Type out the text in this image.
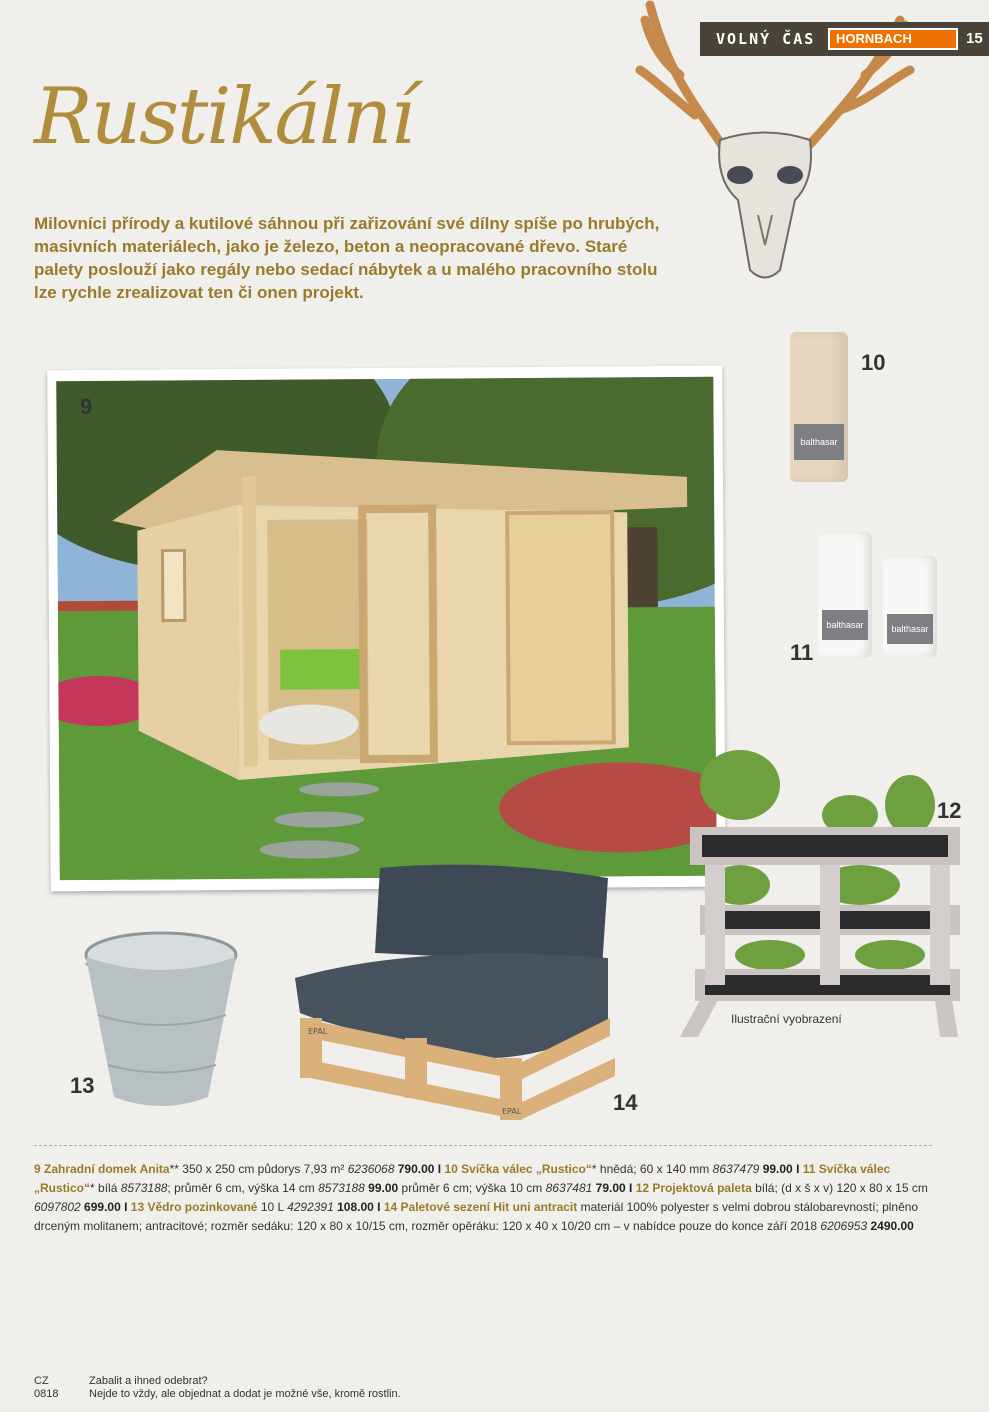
VOLNÝ ČAS	HORNBACH	15
Rustikální
Milovníci přírody a kutilové sáhnou při zařizování své dílny spíše po hrubých, masivních materiálech, jako je železo, beton a neopracované dřevo. Staré palety poslouží jako regály nebo sedací nábytek a u malého pracovního stolu lze rychle zrealizovat ten či onen projekt.
9
balthasar
10
balthasar	balthasar
11
12
Ilustrační vyobrazení
13
EPAL
EPAL	14
9 Zahradní domek Anita** 350 x 250 cm půdorys 7,93 m² 6236068 790.00 I 10 Svíčka válec „Rustico“* hnědá; 60 x 140 mm 8637479 99.00 I 11 Svíčka válec „Rustico“* bílá 8573188; průměr 6 cm, výška 14 cm 8573188 99.00 průměr 6 cm; výška 10 cm 8637481 79.00 I 12 Projektová paleta bílá; (d x š x v) 120 x 80 x 15 cm 6097802 699.00 I 13 Vědro pozinkované 10 L 4292391 108.00 I 14 Paletové sezení Hit uni antracit materiál 100% polyester s velmi dobrou stálobarevností; plněno drceným molitanem; antracitové; rozměr sedáku: 120 x 80 x 10/15 cm, rozměr opěráku: 120 x 40 x 10/20 cm – v nabídce pouze do konce září 2018 6206953 2490.00
CZ
0818
Zabalit a ihned odebrat?
Nejde to vždy, ale objednat a dodat je možné vše, kromě rostlin.
